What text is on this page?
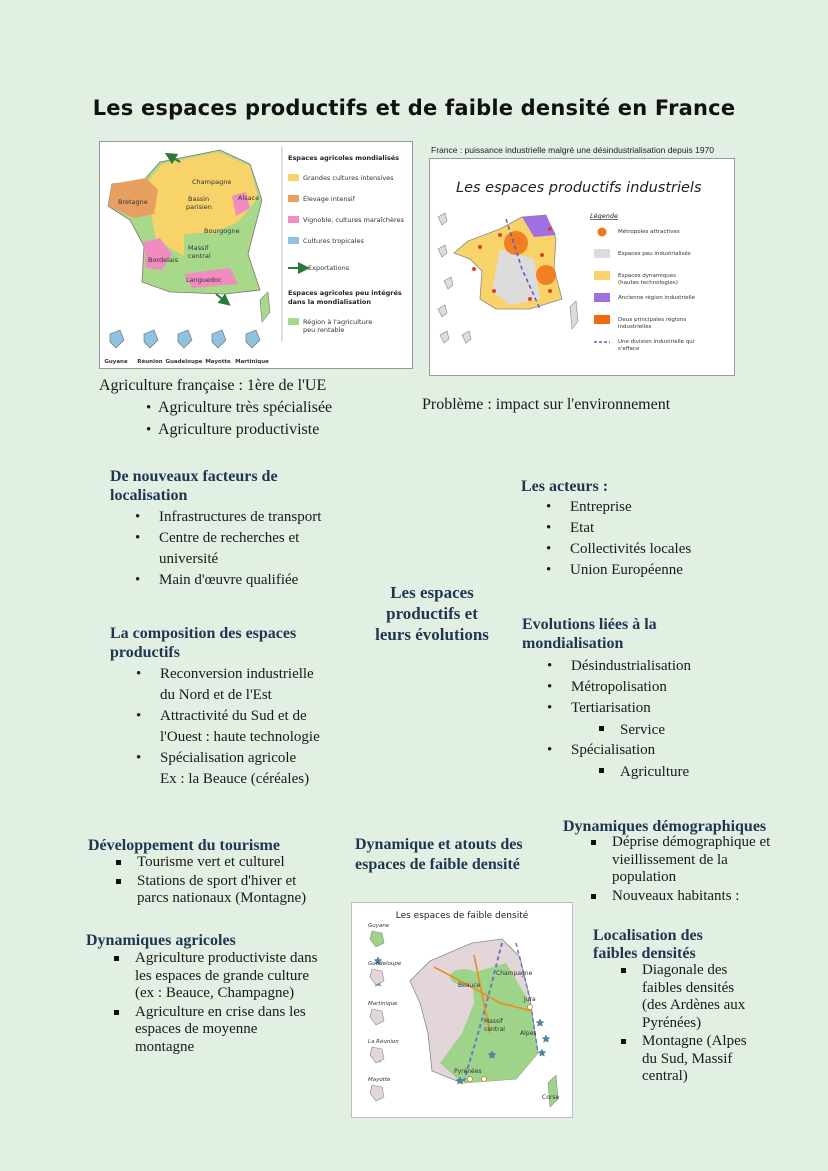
Les espaces productifs et de faible densité en France
Champagne
Bretagne	Bassin
parisien
Alsace
Bourgogne
Massif
central
Bordelais
Languedoc
Espaces agricoles mondialisés
Grandes cultures intensives
Élevage intensif
Vignoble, cultures maraîchères
Cultures tropicales
Exportations
Espaces agricoles peu intégrés
dans la mondialisation
Région à l'agriculture
peu rentable
Guyane Réunion Guadeloupe Mayotte Martinique
France : puissance industrielle malgré une désindustrialisation depuis 1970
Les espaces productifs industriels
Légende
Métropoles attractives
Espaces peu industrialisés
Espaces dynamiques
(hautes technologies)
Ancienne région industrielle
Deux principales régions
industrielles
Une division industrielle qui
s'efface
Agriculture française : 1ère de l'UE
• Agriculture très spécialisée
• Agriculture productiviste
Problème : impact sur l'environnement
De nouveaux facteurs de
localisation
• Infrastructures de transport
• Centre de recherches et
université
• Main d'œuvre qualifiée
Les acteurs :
• Entreprise
• Etat
• Collectivités locales
• Union Européenne
Les espaces
productifs et
leurs évolutions
La composition des espaces
productifs
• Reconversion industrielle
du Nord et de l'Est
• Attractivité du Sud et de
l'Ouest : haute technologie
• Spécialisation agricole
Ex : la Beauce (céréales)
Evolutions liées à la
mondialisation
• Désindustrialisation
• Métropolisation
• Tertiarisation
Service
• Spécialisation
Agriculture
Développement du tourisme
Tourisme vert et culturel
Stations de sport d'hiver et
parcs nationaux (Montagne)
Dynamique et atouts des
espaces de faible densité
Dynamiques démographiques
Déprise démographique et
vieillissement de la
population
Nouveaux habitants :
Dynamiques agricoles
Agriculture productiviste dans
les espaces de grande culture
(ex : Beauce, Champagne)
Agriculture en crise dans les
espaces de moyenne
montagne
Les espaces de faible densité
Guyane
Guadeloupe
Martinique
La Réunion
Mayotte
Beauce
Champagne
Jura
Massif
central
Alpes
Pyrénées
Corse
Localisation des
faibles densités
Diagonale des
faibles densités
(des Ardènes aux
Pyrénées)
Montagne (Alpes
du Sud, Massif
central)
